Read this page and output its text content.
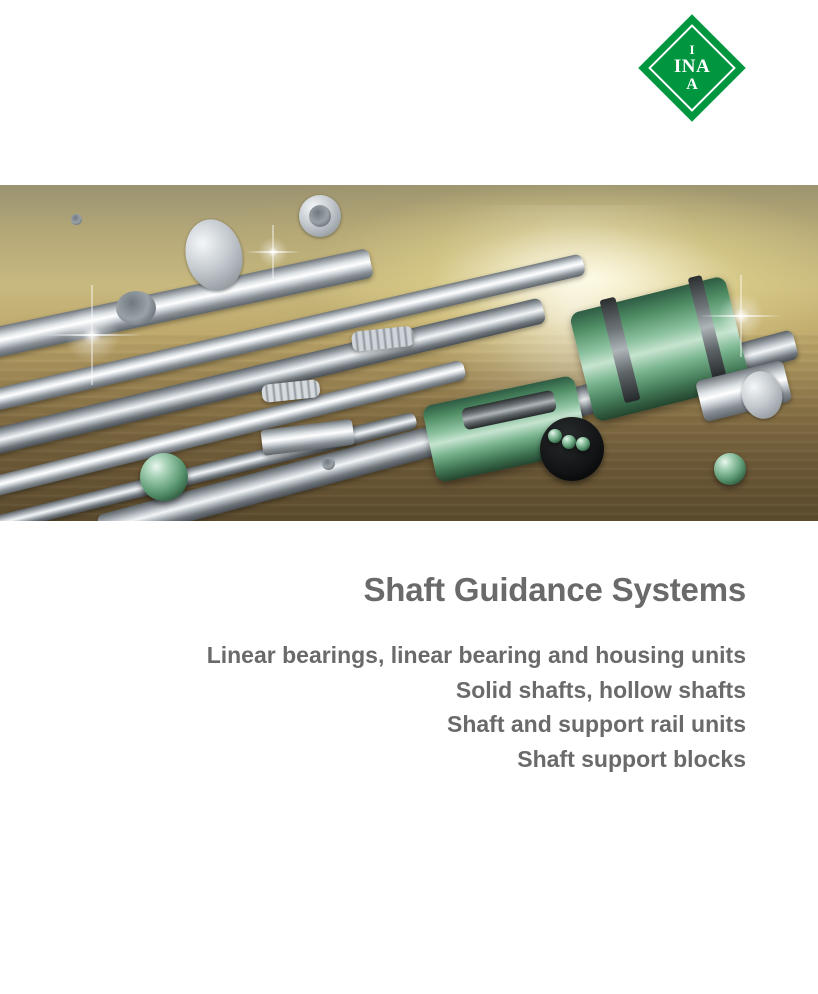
I
INA
A
Shaft Guidance Systems
Linear bearings, linear bearing and housing units
Solid shafts, hollow shafts
Shaft and support rail units
Shaft support blocks
